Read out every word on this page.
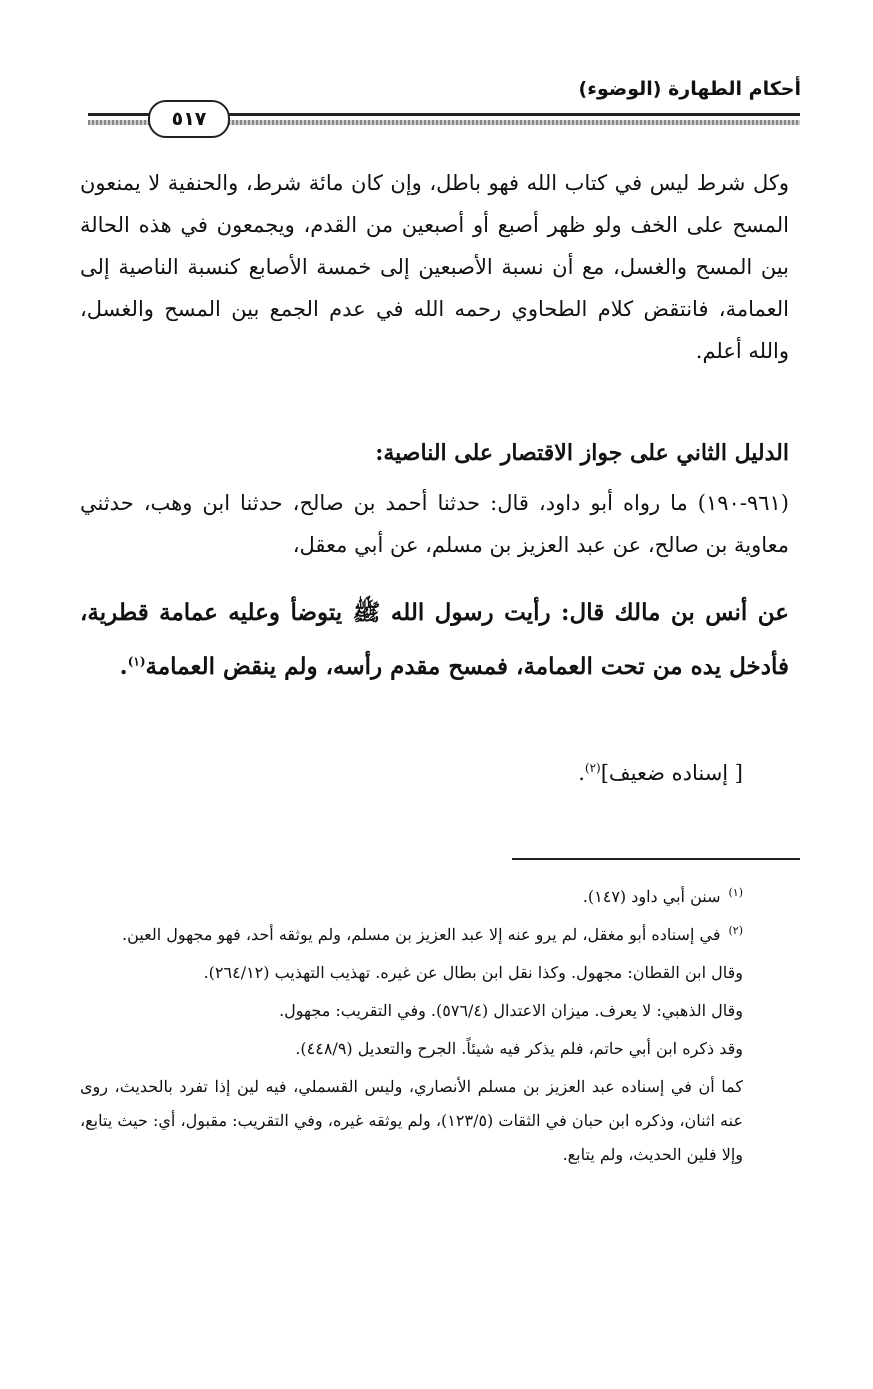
أحكام الطهارة (الوضوء)
٥١٧

وكل شرط ليس في كتاب الله فهو باطل، وإن كان مائة شرط، والحنفية لا يمنعون المسح على الخف ولو ظهر أصبع أو أصبعين من القدم، ويجمعون في هذه الحالة بين المسح والغسل، مع أن نسبة الأصبعين إلى خمسة الأصابع كنسبة الناصية إلى العمامة، فانتقض كلام الطحاوي رحمه الله في عدم الجمع بين المسح والغسل، والله أعلم.

الدليل الثاني على جواز الاقتصار على الناصية:
(٩٦١-١٩٠) ما رواه أبو داود، قال: حدثنا أحمد بن صالح، حدثنا ابن وهب، حدثني معاوية بن صالح، عن عبد العزيز بن مسلم، عن أبي معقل،
عن أنس بن مالك قال: رأيت رسول الله ﷺ يتوضأ وعليه عمامة قطرية، فأدخل يده من تحت العمامة، فمسح مقدم رأسه، ولم ينقض العمامة$^{(١)}$.
[ إسناده ضعيف]$^{(٢)}$.

$^{(١)}$سنن أبي داود (١٤٧).

$^{(٢)}$في إسناده أبو مغقل، لم يرو عنه إلا عبد العزيز بن مسلم، ولم يوثقه أحد، فهو مجهول العين.

وقال ابن القطان: مجهول. وكذا نقل ابن بطال عن غيره. تهذيب التهذيب (٢٦٤/١٢).

وقال الذهبي: لا يعرف. ميزان الاعتدال (٥٧٦/٤). وفي التقريب: مجهول.

وقد ذكره ابن أبي حاتم، فلم يذكر فيه شيئاً. الجرح والتعديل (٤٤٨/٩).

كما أن في إسناده عبد العزيز بن مسلم الأنصاري، وليس القسملي، فيه لين إذا تفرد بالحديث، روى عنه اثنان، وذكره ابن حبان في الثقات (١٢٣/٥)، ولم يوثقه غيره، وفي التقريب: مقبول، أي: حيث يتابع، وإلا فلين الحديث، ولم يتابع.
